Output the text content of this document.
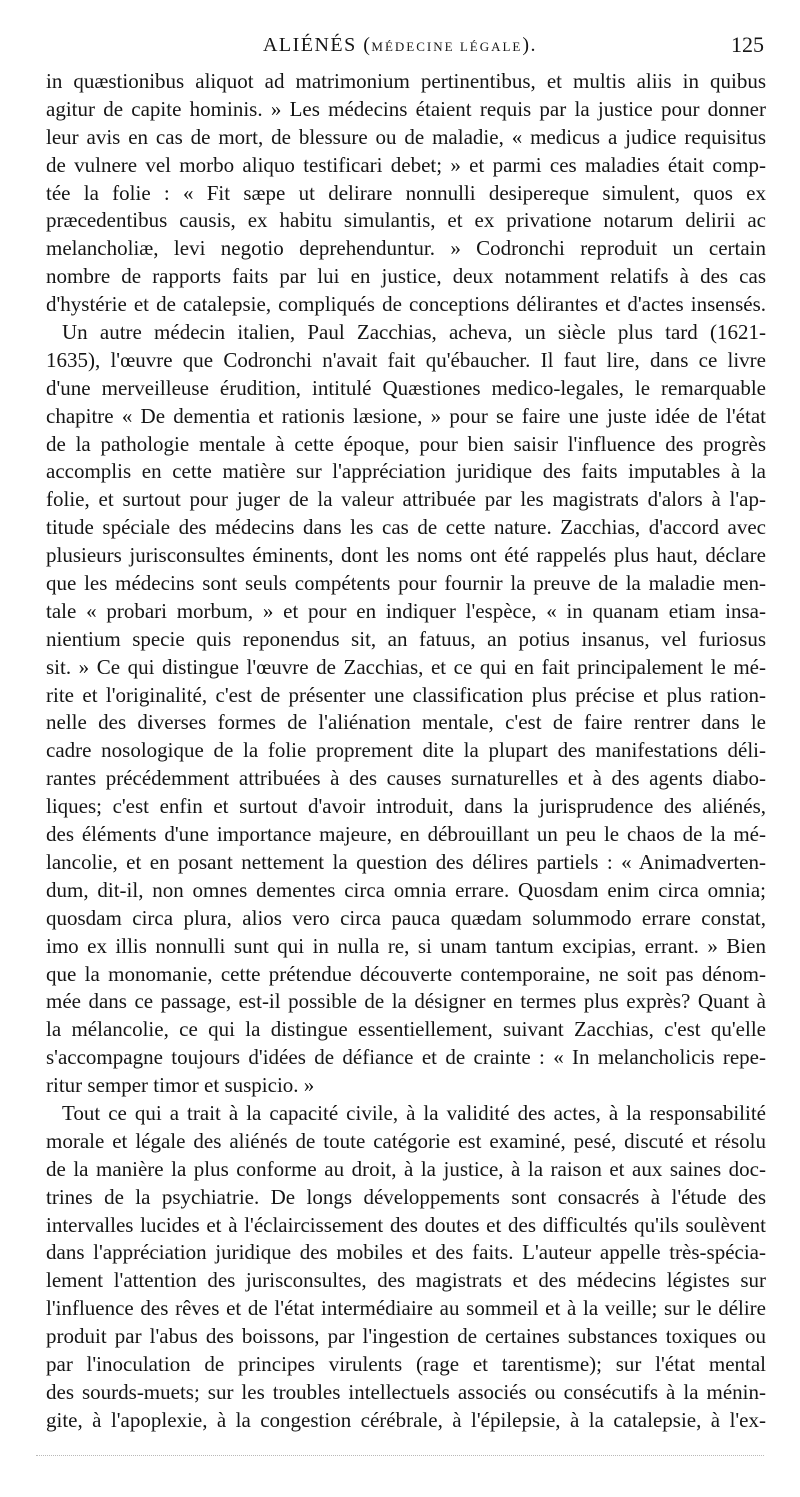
ALIÉNÉS (MÉDECINE LÉGALE).	125
in quæstionibus aliquot ad matrimonium pertinentibus, et multis aliis in quibus
agitur de capite hominis. » Les médecins étaient requis par la justice pour donner
leur avis en cas de mort, de blessure ou de maladie, « medicus a judice requisitus
de vulnere vel morbo aliquo testificari debet; » et parmi ces maladies était comp-
tée la folie : « Fit sæpe ut delirare nonnulli desipereque simulent, quos ex
præcedentibus causis, ex habitu simulantis, et ex privatione notarum delirii ac
melancholiæ, levi negotio deprehenduntur. » Codronchi reproduit un certain
nombre de rapports faits par lui en justice, deux notamment relatifs à des cas
d'hystérie et de catalepsie, compliqués de conceptions délirantes et d'actes insensés.
Un autre médecin italien, Paul Zacchias, acheva, un siècle plus tard (1621-
1635), l'œuvre que Codronchi n'avait fait qu'ébaucher. Il faut lire, dans ce livre
d'une merveilleuse érudition, intitulé Quæstiones medico-legales, le remarquable
chapitre « De dementia et rationis læsione, » pour se faire une juste idée de l'état
de la pathologie mentale à cette époque, pour bien saisir l'influence des progrès
accomplis en cette matière sur l'appréciation juridique des faits imputables à la
folie, et surtout pour juger de la valeur attribuée par les magistrats d'alors à l'ap-
titude spéciale des médecins dans les cas de cette nature. Zacchias, d'accord avec
plusieurs jurisconsultes éminents, dont les noms ont été rappelés plus haut, déclare
que les médecins sont seuls compétents pour fournir la preuve de la maladie men-
tale « probari morbum, » et pour en indiquer l'espèce, « in quanam etiam insa-
nientium specie quis reponendus sit, an fatuus, an potius insanus, vel furiosus
sit. » Ce qui distingue l'œuvre de Zacchias, et ce qui en fait principalement le mé-
rite et l'originalité, c'est de présenter une classification plus précise et plus ration-
nelle des diverses formes de l'aliénation mentale, c'est de faire rentrer dans le
cadre nosologique de la folie proprement dite la plupart des manifestations déli-
rantes précédemment attribuées à des causes surnaturelles et à des agents diabo-
liques; c'est enfin et surtout d'avoir introduit, dans la jurisprudence des aliénés,
des éléments d'une importance majeure, en débrouillant un peu le chaos de la mé-
lancolie, et en posant nettement la question des délires partiels : « Animadverten-
dum, dit-il, non omnes dementes circa omnia errare. Quosdam enim circa omnia;
quosdam circa plura, alios vero circa pauca quædam solummodo errare constat,
imo ex illis nonnulli sunt qui in nulla re, si unam tantum excipias, errant. » Bien
que la monomanie, cette prétendue découverte contemporaine, ne soit pas dénom-
mée dans ce passage, est-il possible de la désigner en termes plus exprès? Quant à
la mélancolie, ce qui la distingue essentiellement, suivant Zacchias, c'est qu'elle
s'accompagne toujours d'idées de défiance et de crainte : « In melancholicis repe-
ritur semper timor et suspicio. »
Tout ce qui a trait à la capacité civile, à la validité des actes, à la responsabilité
morale et légale des aliénés de toute catégorie est examiné, pesé, discuté et résolu
de la manière la plus conforme au droit, à la justice, à la raison et aux saines doc-
trines de la psychiatrie. De longs développements sont consacrés à l'étude des
intervalles lucides et à l'éclaircissement des doutes et des difficultés qu'ils soulèvent
dans l'appréciation juridique des mobiles et des faits. L'auteur appelle très-spécia-
lement l'attention des jurisconsultes, des magistrats et des médecins légistes sur
l'influence des rêves et de l'état intermédiaire au sommeil et à la veille; sur le délire
produit par l'abus des boissons, par l'ingestion de certaines substances toxiques ou
par l'inoculation de principes virulents (rage et tarentisme); sur l'état mental
des sourds-muets; sur les troubles intellectuels associés ou consécutifs à la ménin-
gite, à l'apoplexie, à la congestion cérébrale, à l'épilepsie, à la catalepsie, à l'ex-
